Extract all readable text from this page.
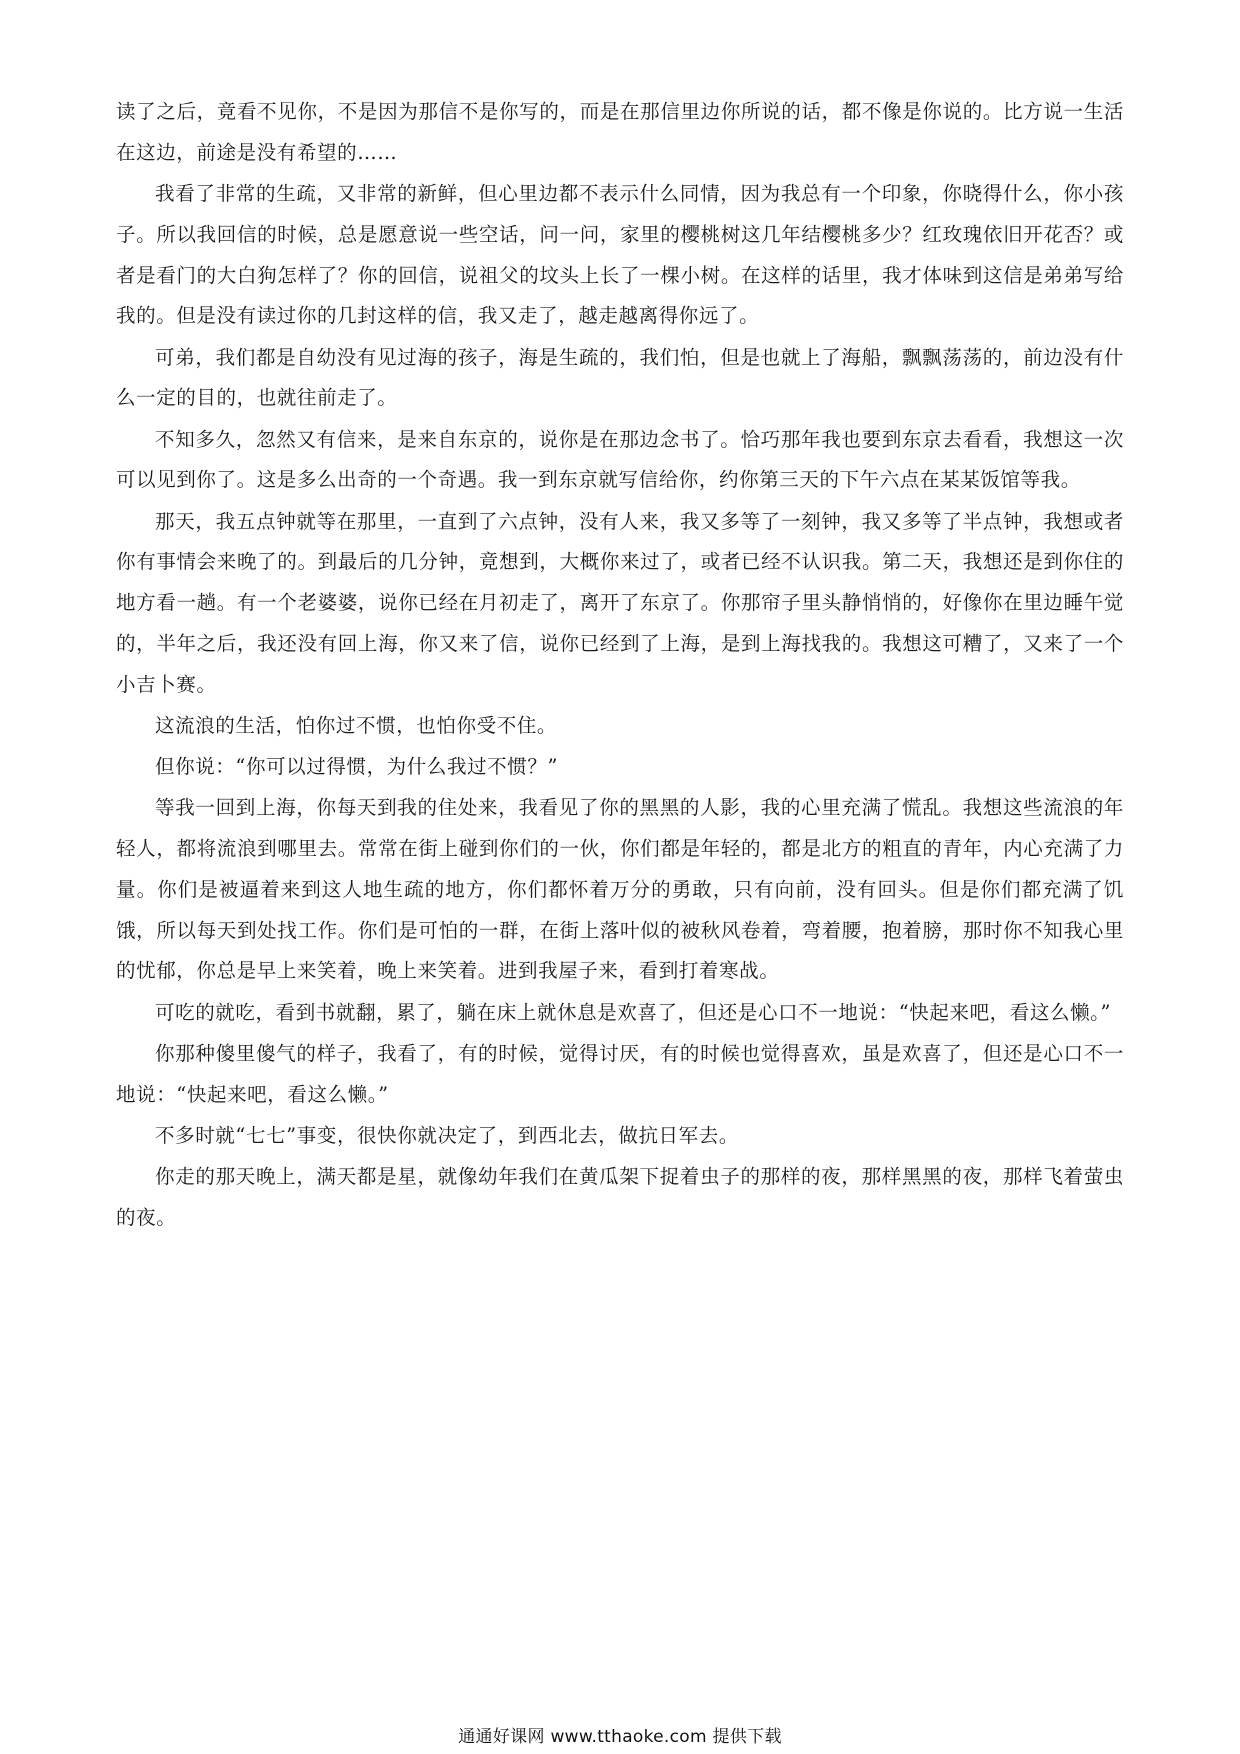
读了之后，竟看不见你，不是因为那信不是你写的，而是在那信里边你所说的话，都不像是你说的。比方说一生活在这边，前途是没有希望的……

我看了非常的生疏，又非常的新鲜，但心里边都不表示什么同情，因为我总有一个印象，你晓得什么，你小孩子。所以我回信的时候，总是愿意说一些空话，问一问，家里的樱桃树这几年结樱桃多少？红玫瑰依旧开花否？或者是看门的大白狗怎样了？你的回信，说祖父的坟头上长了一棵小树。在这样的话里，我才体味到这信是弟弟写给我的。但是没有读过你的几封这样的信，我又走了，越走越离得你远了。

可弟，我们都是自幼没有见过海的孩子，海是生疏的，我们怕，但是也就上了海船，飘飘荡荡的，前边没有什么一定的目的，也就往前走了。

不知多久，忽然又有信来，是来自东京的，说你是在那边念书了。恰巧那年我也要到东京去看看，我想这一次可以见到你了。这是多么出奇的一个奇遇。我一到东京就写信给你，约你第三天的下午六点在某某饭馆等我。

那天，我五点钟就等在那里，一直到了六点钟，没有人来，我又多等了一刻钟，我又多等了半点钟，我想或者你有事情会来晚了的。到最后的几分钟，竟想到，大概你来过了，或者已经不认识我。第二天，我想还是到你住的地方看一趟。有一个老婆婆，说你已经在月初走了，离开了东京了。你那帘子里头静悄悄的，好像你在里边睡午觉的，半年之后，我还没有回上海，你又来了信，说你已经到了上海，是到上海找我的。我想这可糟了，又来了一个小吉卜赛。

这流浪的生活，怕你过不惯，也怕你受不住。

但你说：“你可以过得惯，为什么我过不惯？”

等我一回到上海，你每天到我的住处来，我看见了你的黑黑的人影，我的心里充满了慌乱。我想这些流浪的年轻人，都将流浪到哪里去。常常在街上碰到你们的一伙，你们都是年轻的，都是北方的粗直的青年，内心充满了力量。你们是被逼着来到这人地生疏的地方，你们都怀着万分的勇敢，只有向前，没有回头。但是你们都充满了饥饿，所以每天到处找工作。你们是可怕的一群，在街上落叶似的被秋风卷着，弯着腰，抱着膀，那时你不知我心里的忧郁，你总是早上来笑着，晚上来笑着。进到我屋子来，看到打着寒战。

可吃的就吃，看到书就翻，累了，躺在床上就休息是欢喜了，但还是心口不一地说：“快起来吧，看这么懒。”

你那种傻里傻气的样子，我看了，有的时候，觉得讨厌，有的时候也觉得喜欢，虽是欢喜了，但还是心口不一地说：“快起来吧，看这么懒。”

不多时就“七七”事变，很快你就决定了，到西北去，做抗日军去。

你走的那天晚上，满天都是星，就像幼年我们在黄瓜架下捉着虫子的那样的夜，那样黑黑的夜，那样飞着萤虫的夜。

通通好课网 www.tthaoke.com 提供下载
